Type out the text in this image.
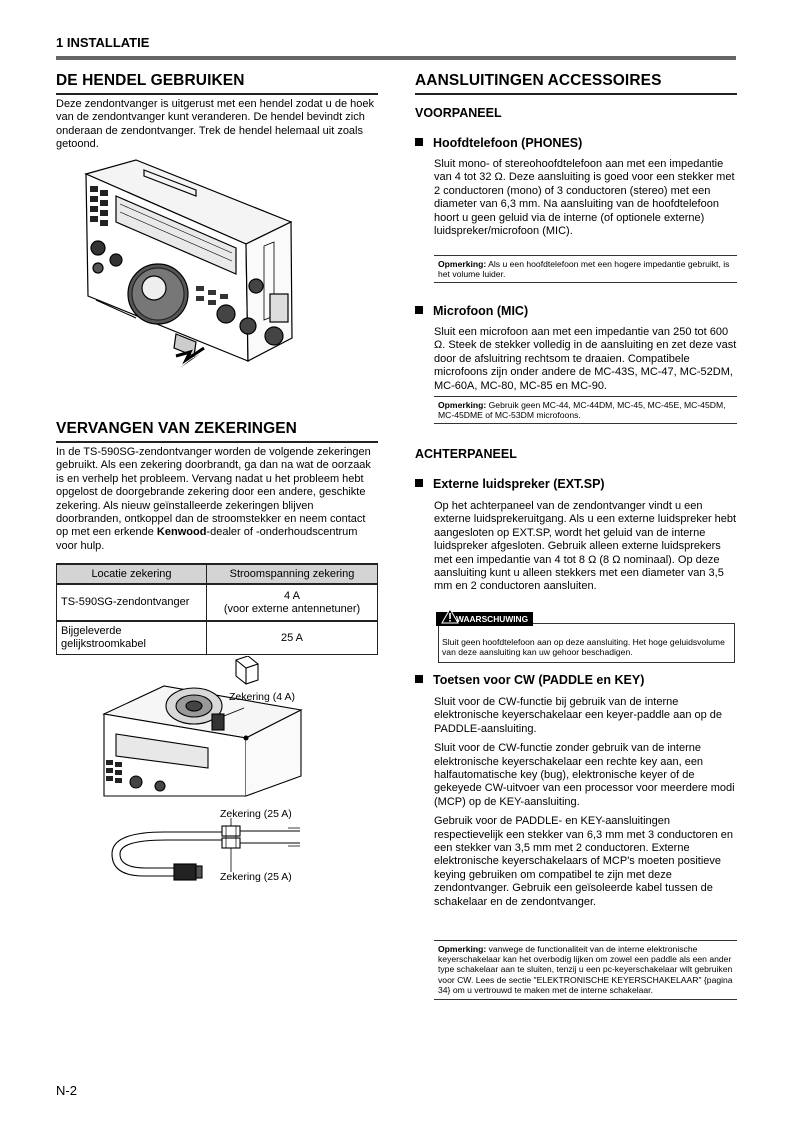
1 INSTALLATIE
DE HENDEL GEBRUIKEN
Deze zendontvanger is uitgerust met een hendel zodat u de hoek van de zendontvanger kunt veranderen. De hendel bevindt zich onderaan de zendontvanger. Trek de hendel helemaal uit zoals getoond.
VERVANGEN VAN ZEKERINGEN
In de TS-590SG-zendontvanger worden de volgende zekeringen gebruikt. Als een zekering doorbrandt, ga dan na wat de oorzaak is en verhelp het probleem. Vervang nadat u het probleem hebt opgelost de doorgebrande zekering door een andere, geschikte zekering. Als nieuw geïnstalleerde zekeringen blijven doorbranden, ontkoppel dan de stroomstekker en neem contact op met een erkende Kenwood-dealer of -onderhoudscentrum voor hulp.
Locatie zekering	Stroomspanning zekering
TS-590SG-zendontvanger	4 A
(voor externe antennetuner)
Bijgeleverde
gelijkstroomkabel	25 A
Zekering (4 A)
Zekering (25 A)
Zekering (25 A)
AANSLUITINGEN ACCESSOIRES
VOORPANEEL
Hoofdtelefoon (PHONES)
Sluit mono- of stereohoofdtelefoon aan met een impedantie van 4 tot 32 Ω. Deze aansluiting is goed voor een stekker met 2 conductoren (mono) of 3 conductoren (stereo) met een diameter van 6,3 mm. Na aansluiting van de hoofdtelefoon hoort u geen geluid via de interne (of optionele externe) luidspreker/microfoon (MIC).
Opmerking: Als u een hoofdtelefoon met een hogere impedantie gebruikt, is het volume luider.
Microfoon (MIC)
Sluit een microfoon aan met een impedantie van 250 tot 600 Ω. Steek de stekker volledig in de aansluiting en zet deze vast door de afsluitring rechtsom te draaien. Compatibele microfoons zijn onder andere de MC-43S, MC-47, MC-52DM, MC-60A, MC-80, MC-85 en MC-90.
Opmerking: Gebruik geen MC-44, MC-44DM, MC-45, MC-45E, MC-45DM, MC-45DME of MC-53DM microfoons.
ACHTERPANEEL
Externe luidspreker (EXT.SP)
Op het achterpaneel van de zendontvanger vindt u een externe luidsprekeruitgang. Als u een externe luidspreker hebt aangesloten op EXT.SP, wordt het geluid van de interne luidspreker afgesloten. Gebruik alleen externe luidsprekers met een impedantie van 4 tot 8 Ω (8 Ω nominaal). Op deze aansluiting kunt u alleen stekkers met een diameter van 3,5 mm en 2 conductoren aansluiten.
WAARSCHUWING
Sluit geen hoofdtelefoon aan op deze aansluiting. Het hoge geluidsvolume van deze aansluiting kan uw gehoor beschadigen.
Toetsen voor CW (PADDLE en KEY)

Sluit voor de CW-functie bij gebruik van de interne elektronische keyerschakelaar een keyer-paddle aan op de PADDLE-aansluiting.

Sluit voor de CW-functie zonder gebruik van de interne elektronische keyerschakelaar een rechte key aan, een halfautomatische key (bug), elektronische keyer of de gekeyede CW-uitvoer van een processor voor meerdere modi (MCP) op de KEY-aansluiting.

Gebruik voor de PADDLE- en KEY-aansluitingen respectievelijk een stekker van 6,3 mm met 3 conductoren en een stekker van 3,5 mm met 2 conductoren. Externe elektronische keyerschakelaars of MCP's moeten positieve keying gebruiken om compatibel te zijn met deze zendontvanger. Gebruik een geïsoleerde kabel tussen de schakelaar en de zendontvanger.

Opmerking: vanwege de functionaliteit van de interne elektronische keyerschakelaar kan het overbodig lijken om zowel een paddle als een ander type schakelaar aan te sluiten, tenzij u een pc-keyerschakelaar wilt gebruiken voor CW. Lees de sectie "ELEKTRONISCHE KEYERSCHAKELAAR" {pagina 34} om u vertrouwd te maken met de interne schakelaar.
N-2
